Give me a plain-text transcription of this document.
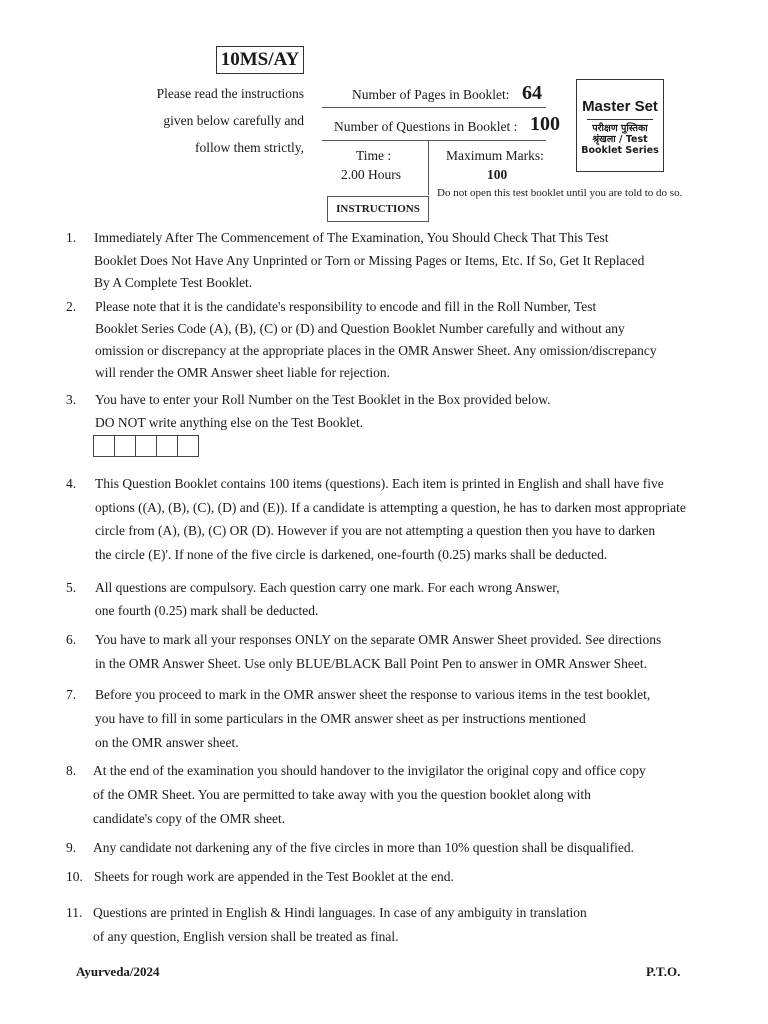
10MS/AY
Please read the instructions
given below carefully and
follow them strictly,
Number of Pages in Booklet: 64
Number of Questions in Booklet : 100
Time :
2.00 Hours
Maximum Marks:
100
INSTRUCTIONS
Master Set
परीक्षण पुस्तिका
श्रृंखला / Test
Booklet Series
Do not open this test booklet until you are told to do so.
1. Immediately After The Commencement of The Examination, You Should Check That This Test
Booklet Does Not Have Any Unprinted or Torn or Missing Pages or Items, Etc. If So, Get It Replaced
By A Complete Test Booklet.
2. Please note that it is the candidate's responsibility to encode and fill in the Roll Number, Test
Booklet Series Code (A), (B), (C) or (D) and Question Booklet Number carefully and without any
omission or discrepancy at the appropriate places in the OMR Answer Sheet. Any omission/discrepancy
will render the OMR Answer sheet liable for rejection.
3. You have to enter your Roll Number on the Test Booklet in the Box provided below.
DO NOT write anything else on the Test Booklet.
4. This Question Booklet contains 100 items (questions). Each item is printed in English and shall have five
options ((A), (B), (C), (D) and (E)). If a candidate is attempting a question, he has to darken most appropriate
circle from (A), (B), (C) OR (D). However if you are not attempting a question then you have to darken
the circle (E)'. If none of the five circle is darkened, one-fourth (0.25) marks shall be deducted.
5. All questions are compulsory. Each question carry one mark. For each wrong Answer,
one fourth (0.25) mark shall be deducted.
6. You have to mark all your responses ONLY on the separate OMR Answer Sheet provided. See directions
in the OMR Answer Sheet. Use only BLUE/BLACK Ball Point Pen to answer in OMR Answer Sheet.
7. Before you proceed to mark in the OMR answer sheet the response to various items in the test booklet,
you have to fill in some particulars in the OMR answer sheet as per instructions mentioned
on the OMR answer sheet.
8. At the end of the examination you should handover to the invigilator the original copy and office copy
of the OMR Sheet. You are permitted to take away with you the question booklet along with
candidate's copy of the OMR sheet.
9. Any candidate not darkening any of the five circles in more than 10% question shall be disqualified.
10. Sheets for rough work are appended in the Test Booklet at the end.
11. Questions are printed in English & Hindi languages. In case of any ambiguity in translation
of any question, English version shall be treated as final.
Ayurveda/2024	P.T.O.
